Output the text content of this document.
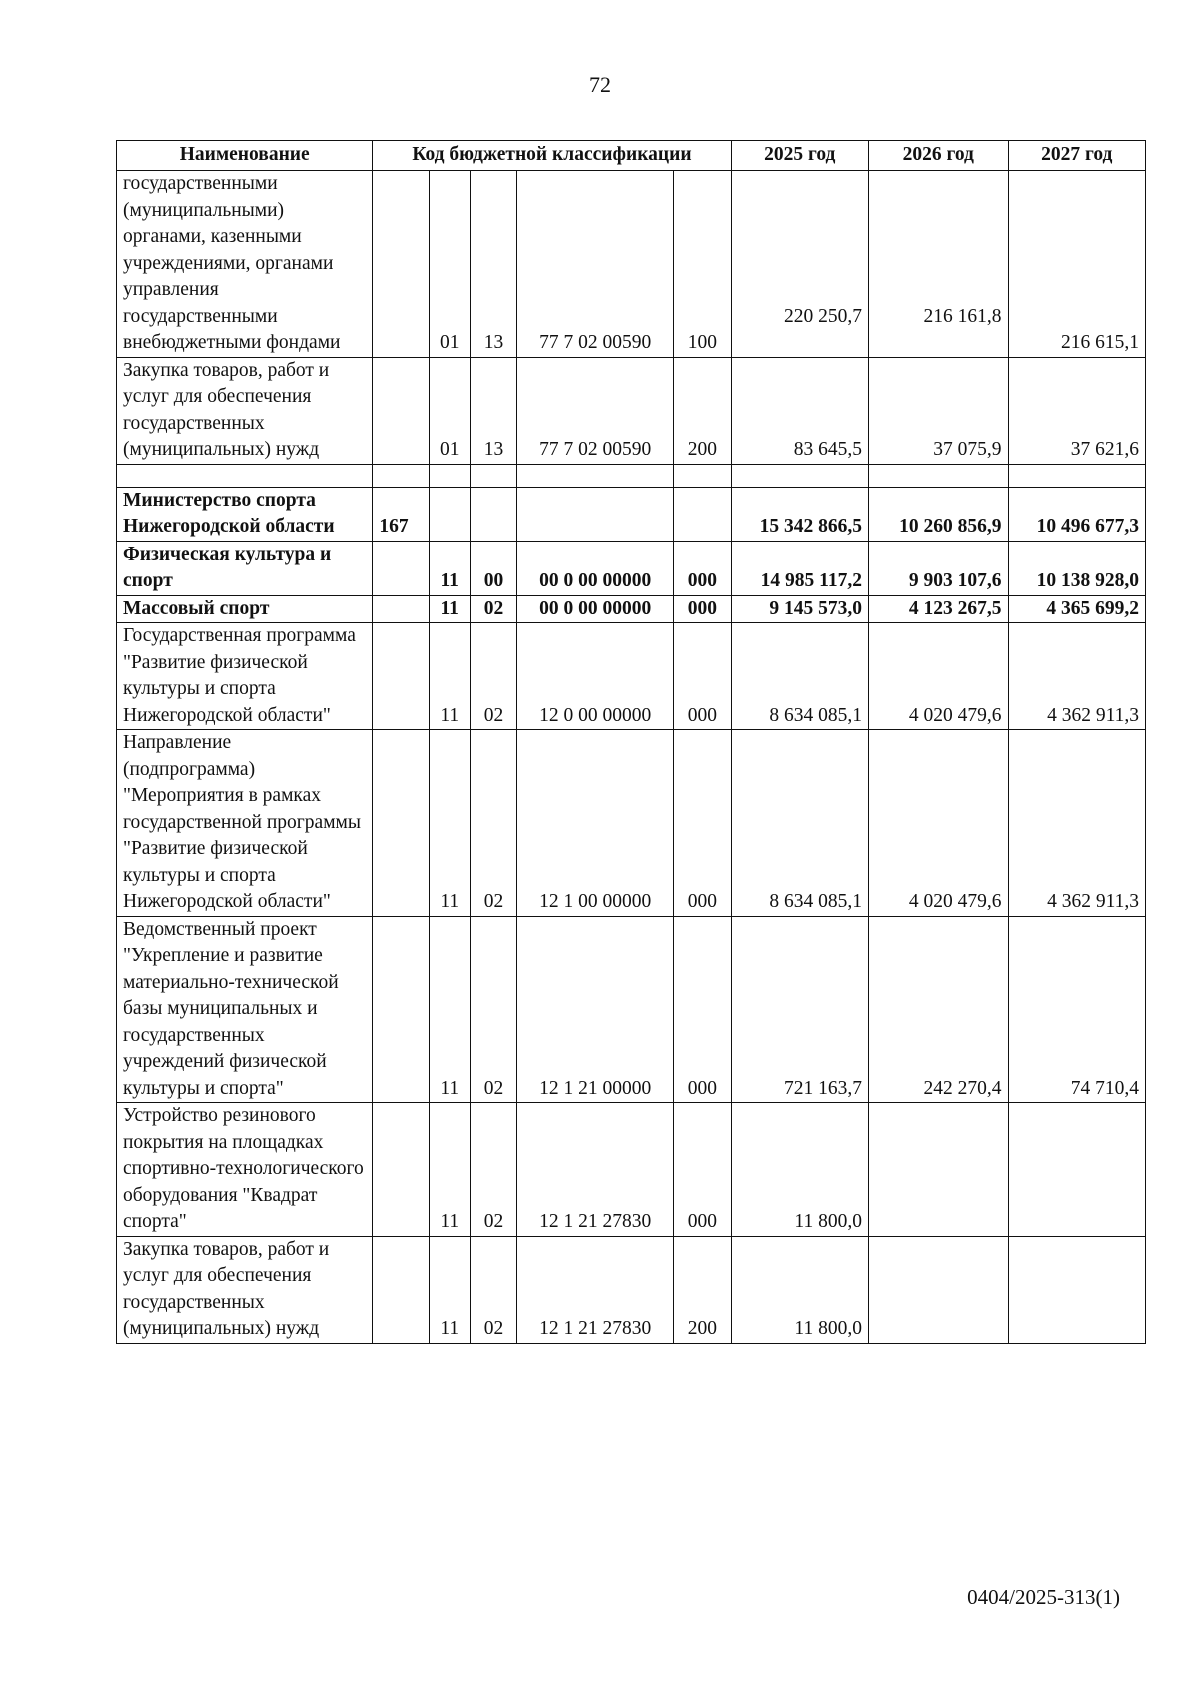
72
Наименование	Код бюджетной классификации					2025 год	2026 год	2027 год
государственными (муниципальными) органами, казенными учреждениями, органами управления государственными внебюджетными фондами		01	13	77 7 02 00590	100	220 250,7	216 161,8	216 615,1
Закупка товаров, работ и услуг для обеспечения государственных (муниципальных) нужд		01	13	77 7 02 00590	200	83 645,5	37 075,9	37 621,6

Министерство спорта Нижегородской области	167					15 342 866,5	10 260 856,9	10 496 677,3
Физическая культура и спорт		11	00	00 0 00 00000	000	14 985 117,2	9 903 107,6	10 138 928,0
Массовый спорт		11	02	00 0 00 00000	000	9 145 573,0	4 123 267,5	4 365 699,2
Государственная программа "Развитие физической культуры и спорта Нижегородской области"		11	02	12 0 00 00000	000	8 634 085,1	4 020 479,6	4 362 911,3
Направление (подпрограмма) "Мероприятия в рамках государственной программы "Развитие физической культуры и спорта Нижегородской области"		11	02	12 1 00 00000	000	8 634 085,1	4 020 479,6	4 362 911,3
Ведомственный проект "Укрепление и развитие материально-технической базы муниципальных и государственных учреждений физической культуры и спорта"		11	02	12 1 21 00000	000	721 163,7	242 270,4	74 710,4
Устройство резинового покрытия на площадках спортивно-технологического оборудования "Квадрат спорта"		11	02	12 1 21 27830	000	11 800,0		
Закупка товаров, работ и услуг для обеспечения государственных (муниципальных) нужд		11	02	12 1 21 27830	200	11 800,0		
0404/2025-313(1)
